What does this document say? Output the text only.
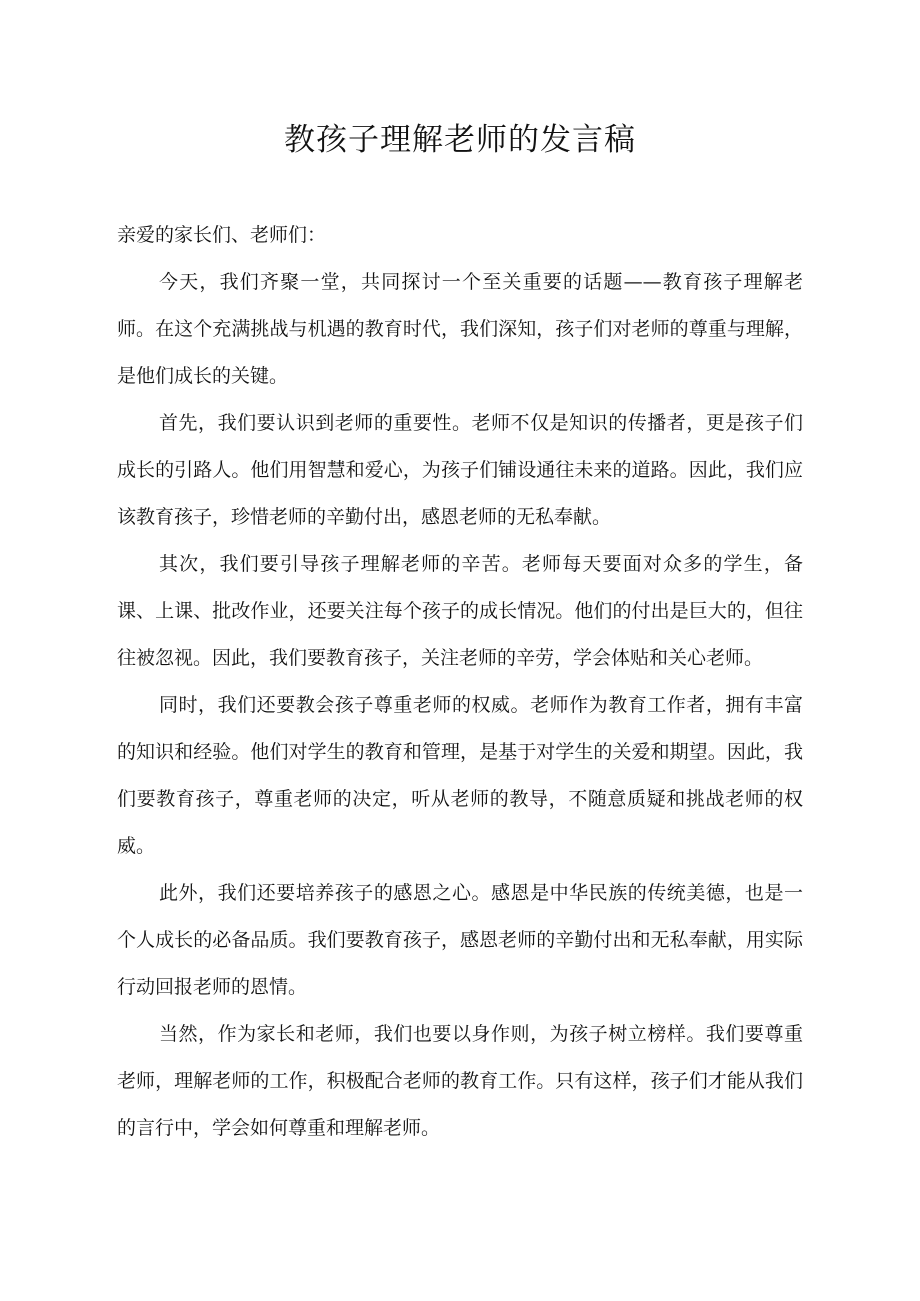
教孩子理解老师的发言稿

亲爱的家长们、老师们：

今天，我们齐聚一堂，共同探讨一个至关重要的话题——教育孩子理解老师。在这个充满挑战与机遇的教育时代，我们深知，孩子们对老师的尊重与理解，是他们成长的关键。

首先，我们要认识到老师的重要性。老师不仅是知识的传播者，更是孩子们成长的引路人。他们用智慧和爱心，为孩子们铺设通往未来的道路。因此，我们应该教育孩子，珍惜老师的辛勤付出，感恩老师的无私奉献。

其次，我们要引导孩子理解老师的辛苦。老师每天要面对众多的学生，备课、上课、批改作业，还要关注每个孩子的成长情况。他们的付出是巨大的，但往往被忽视。因此，我们要教育孩子，关注老师的辛劳，学会体贴和关心老师。

同时，我们还要教会孩子尊重老师的权威。老师作为教育工作者，拥有丰富的知识和经验。他们对学生的教育和管理，是基于对学生的关爱和期望。因此，我们要教育孩子，尊重老师的决定，听从老师的教导，不随意质疑和挑战老师的权威。

此外，我们还要培养孩子的感恩之心。感恩是中华民族的传统美德，也是一个人成长的必备品质。我们要教育孩子，感恩老师的辛勤付出和无私奉献，用实际行动回报老师的恩情。

当然，作为家长和老师，我们也要以身作则，为孩子树立榜样。我们要尊重老师，理解老师的工作，积极配合老师的教育工作。只有这样，孩子们才能从我们的言行中，学会如何尊重和理解老师。
